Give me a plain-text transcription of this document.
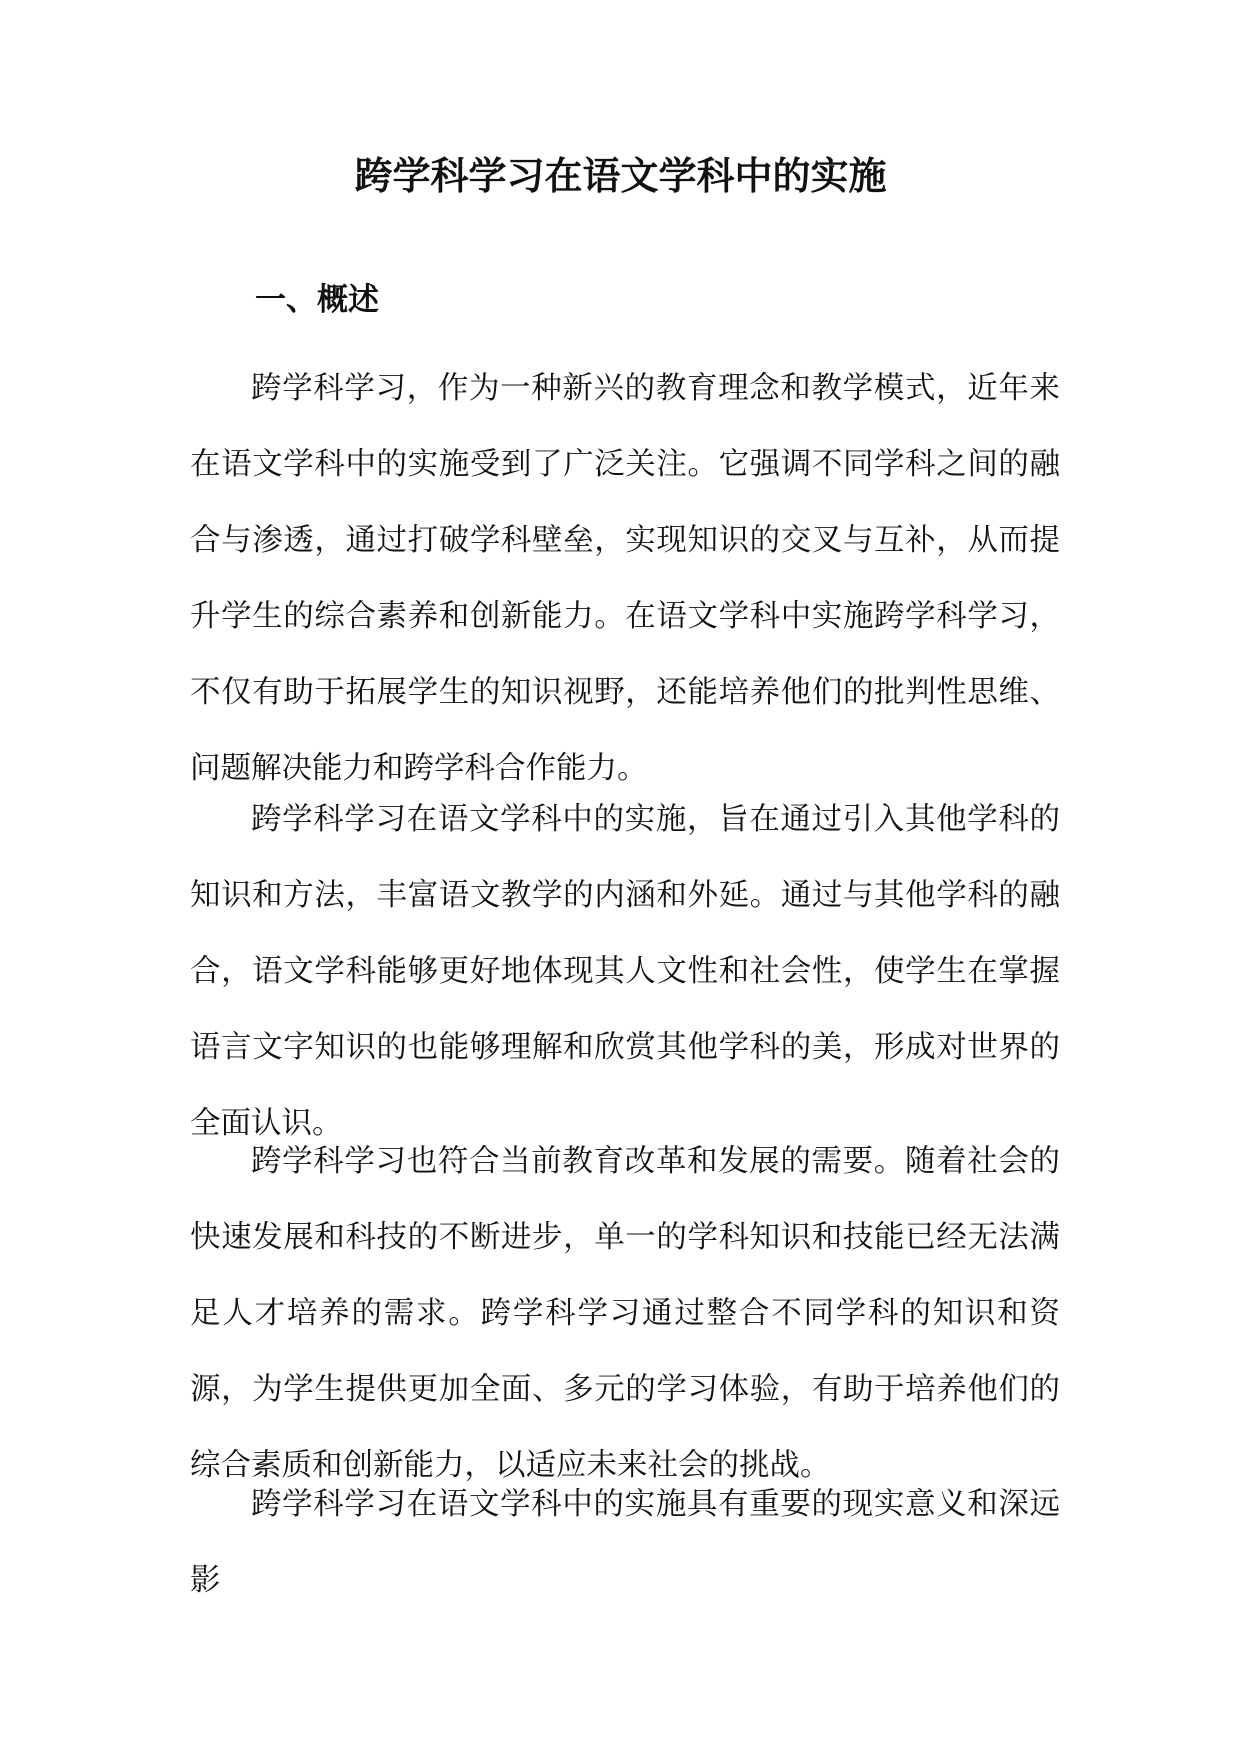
跨学科学习在语文学科中的实施
一、概述

跨学科学习，作为一种新兴的教育理念和教学模式，近年来在语文学科中的实施受到了广泛关注。它强调不同学科之间的融合与渗透，通过打破学科壁垒，实现知识的交叉与互补，从而提升学生的综合素养和创新能力。在语文学科中实施跨学科学习，不仅有助于拓展学生的知识视野，还能培养他们的批判性思维、问题解决能力和跨学科合作能力。

跨学科学习在语文学科中的实施，旨在通过引入其他学科的知识和方法，丰富语文教学的内涵和外延。通过与其他学科的融合，语文学科能够更好地体现其人文性和社会性，使学生在掌握语言文字知识的也能够理解和欣赏其他学科的美，形成对世界的全面认识。

跨学科学习也符合当前教育改革和发展的需要。随着社会的快速发展和科技的不断进步，单一的学科知识和技能已经无法满足人才培养的需求。跨学科学习通过整合不同学科的知识和资源，为学生提供更加全面、多元的学习体验，有助于培养他们的综合素质和创新能力，以适应未来社会的挑战。

跨学科学习在语文学科中的实施具有重要的现实意义和深远影
